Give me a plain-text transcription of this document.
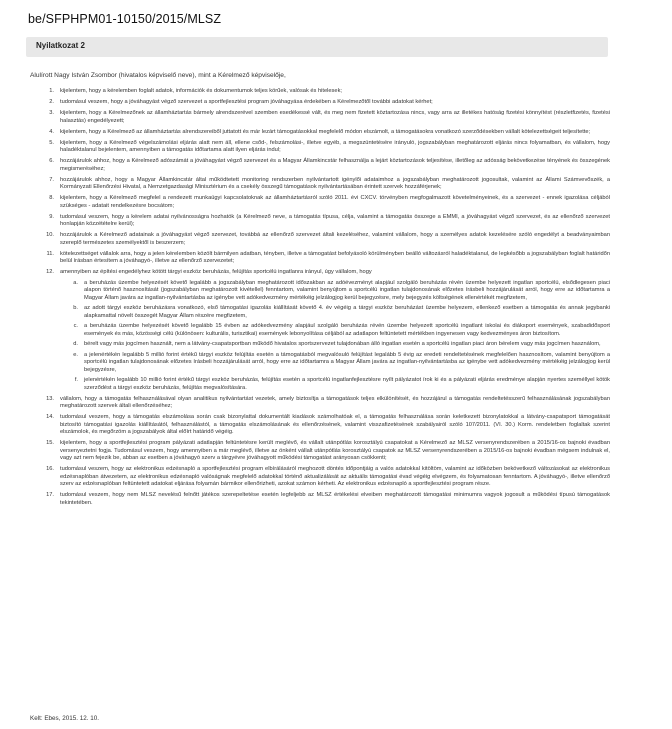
be/SFPHPM01-10150/2015/MLSZ
Nyilatkozat 2
Alulírott Nagy István Zsombor (hivatalos képviselő neve), mint a Kérelmező képviselője,
1. kijelentem, hogy a kérelemben foglalt adatok, információk és dokumentumok teljes körűek, valósak és hitelesek;
2. tudomásul veszem, hogy a jóváhagyást végző szervezet a sportfejlesztési program jóváhagyása érdekében a Kérelmezőtől további adatokat kérhet;
3. kijelentem, hogy a Kérelmezőnek az államháztartás bármely alrendszerével szemben esedékessé vált, és meg nem fizetett köztartozása nincs, vagy arra az illetékes hatóság fizetési könnyítést (részletfizetés, fizetési halasztás) engedélyezett;
4. kijelentem, hogy a Kérelmező az államháztartás alrendszereiből juttatott és már lezárt támogatásokkal megfelelő módon elszámolt, a támogatásokra vonatkozó szerződésekben vállalt kötelezettségeit teljesítette;
5. kijelentem, hogy a Kérelmező végelszámolási eljárás alatt nem áll, ellene csőd-, felszámolási-, illetve egyéb, a megszüntetésére irányuló, jogszabályban meghatározott eljárás nincs folyamatban, és vállalom, hogy haladéktalanul bejelentem, amennyiben a támogatás időtartama alatt ilyen eljárás indul;
6. hozzájárulok ahhoz, hogy a Kérelmező adószámát a jóváhagyást végző szervezet és a Magyar Államkincstár felhasználja a lejárt köztartozások teljesítése, illetőleg az adósság bekövetkezése tényének és összegének megismeréséhez;
7. hozzájárulok ahhoz, hogy a Magyar Államkincstár által működtetett monitoring rendszerben nyilvántartott igénylői adataimhoz a jogszabályban meghatározott jogosultak, valamint az Állami Számvevőszék, a Kormányzati Ellenőrzési Hivatal, a Nemzetgazdasági Minisztérium és a csekély összegű támogatások nyilvántartásában érintett szervek hozzáférjenek;
8. kijelentem, hogy a Kérelmező megfelel a rendezett munkaügyi kapcsolatoknak az államháztartásról szóló 2011. évi CXCV. törvényben megfogalmazott követelményeinek, és a szervezet - ennek igazolása céljából szükséges - adatait rendelkezésre bocsátom;
9. tudomásul veszem, hogy a kérelem adatai nyilvánosságra hozhatók (a Kérelmező neve, a támogatás típusa, célja, valamint a támogatás összege a EMMI, a jóváhagyást végző szervezet, és az ellenőrző szervezet honlapján közzétételre kerül);
10. hozzájárulok a Kérelmező adatainak a jóváhagyást végző szervezet, továbbá az ellenőrző szervezet általi kezeléséhez, valamint vállalom, hogy a személyes adatok kezelésére szóló engedélyt a beadványaimban szereplő természetes személyektől is beszerzem;
11. kötelezettséget vállalok arra, hogy a jelen kérelemben közölt bármilyen adatban, tényben, illetve a támogatást befolyásoló körülményben beálló változásról haladéktalanul, de legkésőbb a jogszabályban foglalt határidőn belül írásban értesítem a jóváhagyó-, illetve az ellenőrző szervezetet;
12. amennyiben az építési engedélyhez kötött tárgyi eszköz beruházás, felújítás sportcélú ingatlanra irányul, úgy vállalom, hogy
a. a beruházás üzembe helyezését követő legalább a jogszabályban meghatározott időszakban az adóévezményt alapjául szolgáló beruházás révén üzembe helyezett ingatlan sportcélú, elsődlegesen piaci alapon történő hasznosítását (jogszabályban meghatározott kivétellel) fenntartom, valamint benyújtom a sportcélú ingatlan tulajdonosának előzetes írásbeli hozzájárulását arról, hogy erre az időtartamra a Magyar Állam javára az ingatlan-nyilvántartásba az igénybe vett adókedvezmény mértékéig jelzálogjog kerül bejegyzésre, mely bejegyzés költségének ellenértékét megfizetem,
b. az adott tárgyi eszköz beruházásra vonatkozó, első támogatási igazolás kiállítását követő 4. év végéig a tárgyi eszköz beruházást üzembe helyezem, ellenkező esetben a támogatás és annak jegybanki alapkamattal növelt összegét Magyar Állam részére megfizetem,
c. a beruházás üzembe helyezését követő legalább 15 évben az adókedvezmény alapjául szolgáló beruházás révén üzembe helyezett sportcélú ingatlant iskolai és diáksport események, szabadidősport események és más, közösségi célú (különösen: kulturális, turisztikai) események lebonyolítása céljából az adatlapon feltüntetett mértékben ingyenesen vagy kedvezményes áron biztosítom.
d. bérelt vagy más jogcímen használt, nem a látvány-csapatsportban működő hivatalos sportszervezet tulajdonában álló ingatlan esetén a sportcélú ingatlan piaci áron bérelem vagy más jogcímen használom,
e. a jelenértékén legalább 5 millió forint értékű tárgyi eszköz felújítás esetén a támogatásból megvalósuló felújítást legalább 5 évig az eredeti rendeltetésének megfelelően hasznosítom, valamint benyújtom a sportcélú ingatlan tulajdonosának előzetes írásbeli hozzájárulását arról, hogy erre az időtartamra a Magyar Állam javára az ingatlan-nyilvántartásba az igénybe vett adókedvezmény mértékéig jelzálogjog kerül bejegyzésre,
f. jelenértékén legalább 10 millió forint értékű tárgyi eszköz beruházás, felújítás esetén a sportcélú ingatlanfejlesztésre nyílt pályázatot írok ki és a pályázati eljárás eredménye alapján nyertes személlyel kötök szerződést a tárgyi eszköz beruházás, felújítás megvalósítására.
13. vállalom, hogy a támogatás felhasználásával olyan analitikus nyilvántartást vezetek, amely biztosítja a támogatások teljes elkülönítését, és hozzájárul a támogatás rendeltetésszerű felhasználásának jogszabályban meghatározott szervek általi ellenőrzéséhez;
14. tudomásul veszem, hogy a támogatás elszámolása során csak bizonylattal dokumentált kiadások számolhatóak el, a támogatás felhasználása során keletkezett bizonylatokkal a látvány-csapatsport támogatását biztosító támogatási igazolás kiállításától, felhasználástól, a támogatás elszámolásának és ellenőrzésének, valamint visszafizetésének szabályairól szóló 107/2011. (VI. 30.) Korm. rendeletben foglaltak szerint elszámolok, és megőrzöm a jogszabályok által előírt határidő végéig.
15. kijelentem, hogy a sportfejlesztési program pályázati adatlapján feltüntetésre került meglévő, és vállalt utánpótlás korosztályú csapatokat a Kérelmező az MLSZ versenyrendszerében a 2015/16-os bajnoki évadban versenyeztetni fogja. Tudomásul veszem, hogy amennyiben a már meglévő, illetve az önként vállalt utánpótlás korosztályú csapatok az MLSZ versenyrendszerében a 2015/16-os bajnoki évadban mégsem indulnak el, vagy azt nem fejezik be, abban az esetben a jóváhagyó szerv a tárgyévre jóváhagyott működési támogatást arányosan csökkenti;
16. tudomásul veszem, hogy az elektronikus edzésnapló a sportfejlesztési program elbírálásáról meghozott döntés időpontjáig a valós adatokkal kitöltöm, valamint az időközben bekövetkező változásokat az elektronikus edzésnaplóban átvezetem, az elektronikus edzésnapló valóságnak megfelelő adatokkal történő aktualizálását az aktuális támogatási évad végéig elvégzem, és folyamatosan fenntartom. A jóváhagyó-, illetve ellenőrző szerv az edzésnaplóban feltüntetett adatokat eljárása folyamán bármikor ellenőrizheti, azokat számon kérheti. Az elektronikus edzésnapló a sportfejlesztési program része.
17. tudomásul veszem, hogy nem MLSZ nevelésű felnőtt játékos szerepeltetése esetén legfeljebb az MLSZ értékelési elveiben meghatározott támogatási minimumra vagyok jogosult a működési típusú támogatások tekintetében.
Kelt: Ebes, 2015. 12. 10.
